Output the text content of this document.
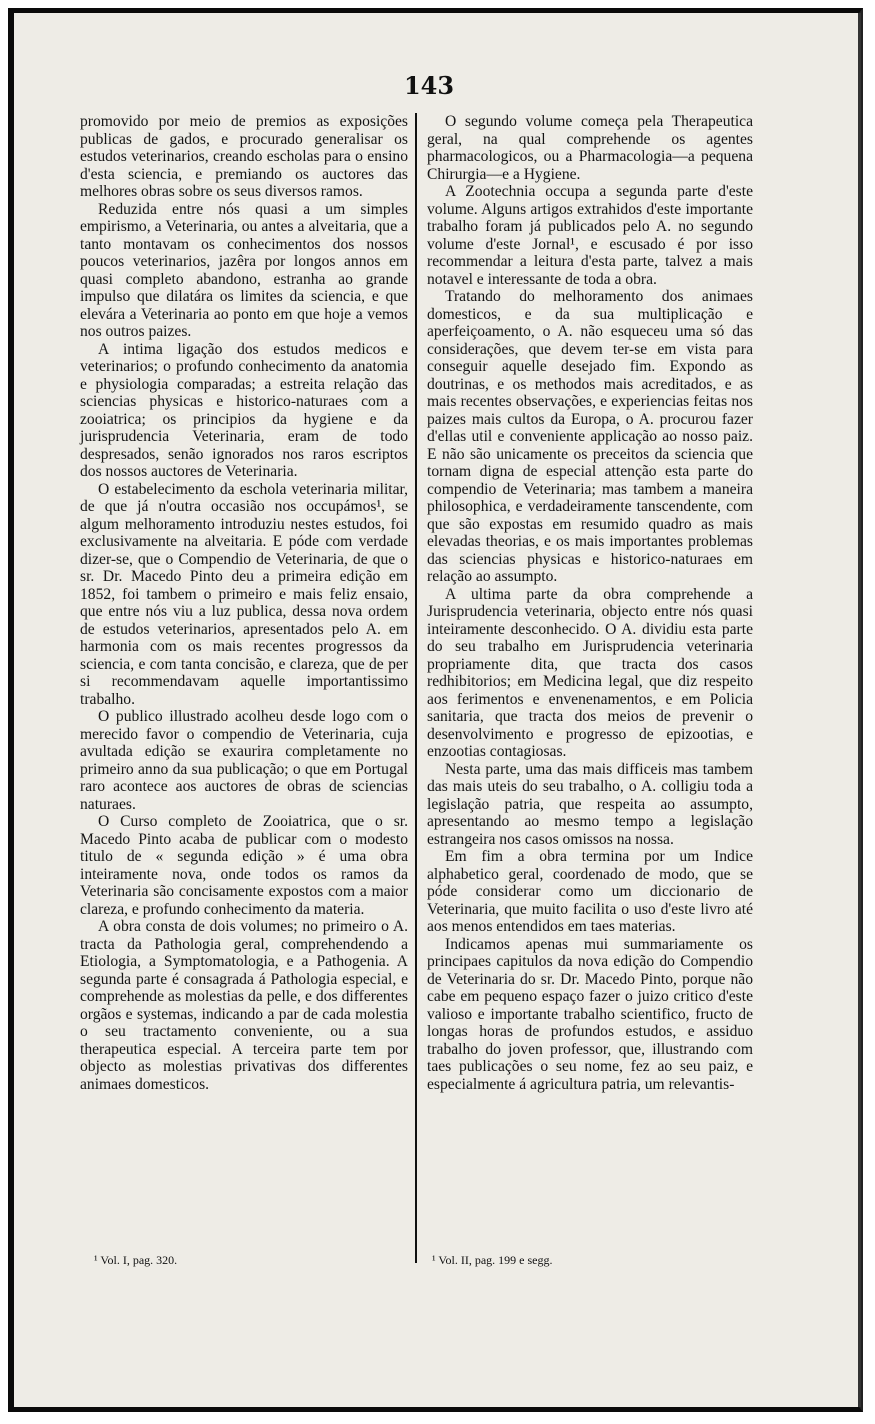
143

promovido por meio de premios as exposições publicas de gados, e procurado generalisar os estudos veterinarios, creando escholas para o ensino d'esta sciencia, e premiando os auctores das melhores obras sobre os seus diversos ramos.

Reduzida entre nós quasi a um simples empirismo, a Veterinaria, ou antes a alveitaria, que a tanto montavam os conhecimentos dos nossos poucos veterinarios, jazêra por longos annos em quasi completo abandono, estranha ao grande impulso que dilatára os limites da sciencia, e que elevára a Veterinaria ao ponto em que hoje a vemos nos outros paizes.

A intima ligação dos estudos medicos e veterinarios; o profundo conhecimento da anatomia e physiologia comparadas; a estreita relação das sciencias physicas e historico-naturaes com a zooiatrica; os principios da hygiene e da jurisprudencia Veterinaria, eram de todo despresados, senão ignorados nos raros escriptos dos nossos auctores de Veterinaria.

O estabelecimento da eschola veterinaria militar, de que já n'outra occasião nos occupámos¹, se algum melhoramento introduziu nestes estudos, foi exclusivamente na alveitaria. E póde com verdade dizer-se, que o Compendio de Veterinaria, de que o sr. Dr. Macedo Pinto deu a primeira edição em 1852, foi tambem o primeiro e mais feliz ensaio, que entre nós viu a luz publica, dessa nova ordem de estudos veterinarios, apresentados pelo A. em harmonia com os mais recentes progressos da sciencia, e com tanta concisão, e clareza, que de per si recommendavam aquelle importantissimo trabalho.

O publico illustrado acolheu desde logo com o merecido favor o compendio de Veterinaria, cuja avultada edição se exaurira completamente no primeiro anno da sua publicação; o que em Portugal raro acontece aos auctores de obras de sciencias naturaes.

O Curso completo de Zooiatrica, que o sr. Macedo Pinto acaba de publicar com o modesto titulo de « segunda edição » é uma obra inteiramente nova, onde todos os ramos da Veterinaria são concisamente expostos com a maior clareza, e profundo conhecimento da materia.

A obra consta de dois volumes; no primeiro o A. tracta da Pathologia geral, comprehendendo a Etiologia, a Symptomatologia, e a Pathogenia. A segunda parte é consagrada á Pathologia especial, e comprehende as molestias da pelle, e dos differentes orgãos e systemas, indicando a par de cada molestia o seu tractamento conveniente, ou a sua therapeutica especial. A terceira parte tem por objecto as molestias privativas dos differentes animaes domesticos.

O segundo volume começa pela Therapeutica geral, na qual comprehende os agentes pharmacologicos, ou a Pharmacologia—a pequena Chirurgia—e a Hygiene.

A Zootechnia occupa a segunda parte d'este volume. Alguns artigos extrahidos d'este importante trabalho foram já publicados pelo A. no segundo volume d'este Jornal¹, e escusado é por isso recommendar a leitura d'esta parte, talvez a mais notavel e interessante de toda a obra.

Tratando do melhoramento dos animaes domesticos, e da sua multiplicação e aperfeiçoamento, o A. não esqueceu uma só das considerações, que devem ter-se em vista para conseguir aquelle desejado fim. Expondo as doutrinas, e os methodos mais acreditados, e as mais recentes observações, e experiencias feitas nos paizes mais cultos da Europa, o A. procurou fazer d'ellas util e conveniente applicação ao nosso paiz. E não são unicamente os preceitos da sciencia que tornam digna de especial attenção esta parte do compendio de Veterinaria; mas tambem a maneira philosophica, e verdadeiramente tanscendente, com que são expostas em resumido quadro as mais elevadas theorias, e os mais importantes problemas das sciencias physicas e historico-naturaes em relação ao assumpto.

A ultima parte da obra comprehende a Jurisprudencia veterinaria, objecto entre nós quasi inteiramente desconhecido. O A. dividiu esta parte do seu trabalho em Jurisprudencia veterinaria propriamente dita, que tracta dos casos redhibitorios; em Medicina legal, que diz respeito aos ferimentos e envenenamentos, e em Policia sanitaria, que tracta dos meios de prevenir o desenvolvimento e progresso de epizootias, e enzootias contagiosas.

Nesta parte, uma das mais difficeis mas tambem das mais uteis do seu trabalho, o A. colligiu toda a legislação patria, que respeita ao assumpto, apresentando ao mesmo tempo a legislação estrangeira nos casos omissos na nossa.

Em fim a obra termina por um Indice alphabetico geral, coordenado de modo, que se póde considerar como um diccionario de Veterinaria, que muito facilita o uso d'este livro até aos menos entendidos em taes materias.

Indicamos apenas mui summariamente os principaes capitulos da nova edição do Compendio de Veterinaria do sr. Dr. Macedo Pinto, porque não cabe em pequeno espaço fazer o juizo critico d'este valioso e importante trabalho scientifico, fructo de longas horas de profundos estudos, e assiduo trabalho do joven professor, que, illustrando com taes publicações o seu nome, fez ao seu paiz, e especialmente á agricultura patria, um relevantis-

¹ Vol. I, pag. 320.	¹ Vol. II, pag. 199 e segg.
